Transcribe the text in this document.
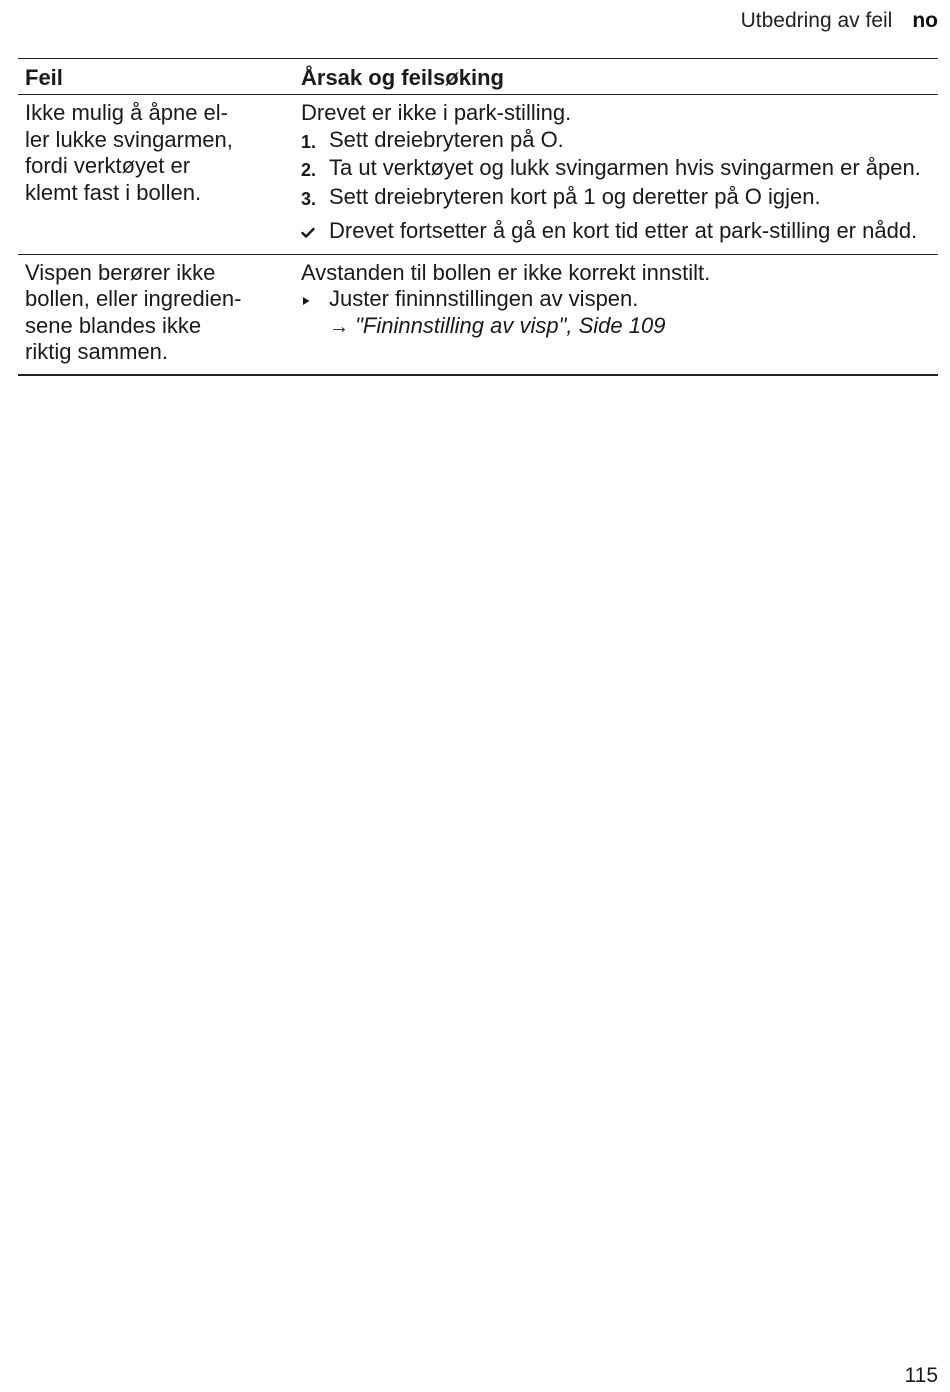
Utbedring av feil no
Feil	Årsak og feilsøking
Ikke mulig å åpne el-
ler lukke svingarmen,
fordi verktøyet er
klemt fast i bollen.
Drevet er ikke i park-stilling.
1. Sett dreiebryteren på O.
2. Ta ut verktøyet og lukk svingarmen hvis svingarmen er åpen.
3. Sett dreiebryteren kort på 1 og deretter på O igjen.
Drevet fortsetter å gå en kort tid etter at park-stilling er nådd.
Vispen berører ikke
bollen, eller ingredien-
sene blandes ikke
riktig sammen.
Avstanden til bollen er ikke korrekt innstilt.
Juster fininnstillingen av vispen.
→ "Fininnstilling av visp", Side 109
115
